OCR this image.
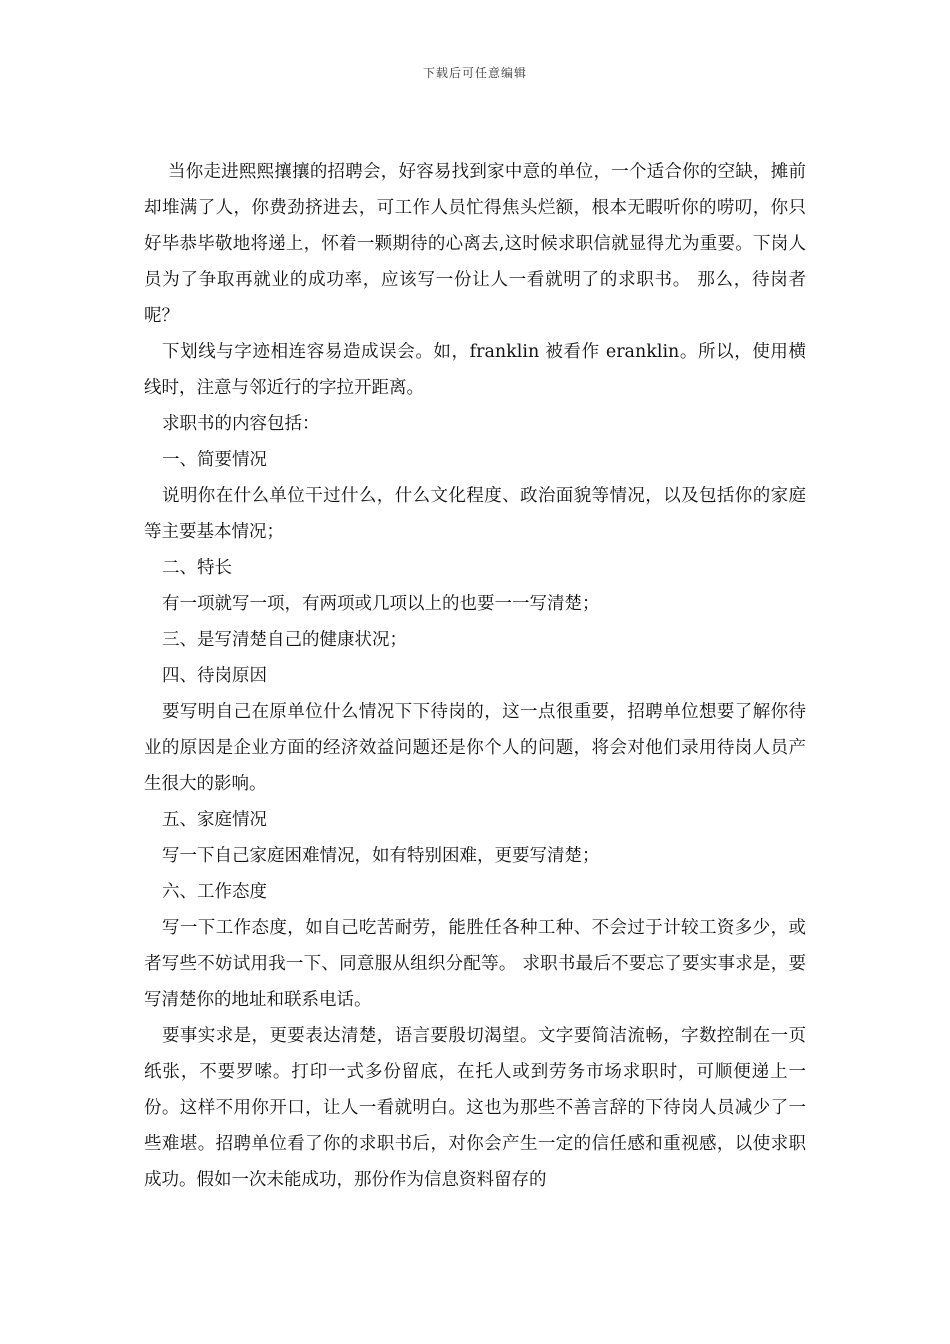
下载后可任意编辑

当你走进熙熙攘攘的招聘会，好容易找到家中意的单位，一个适合你的空缺，摊前却堆满了人，你费劲挤进去，可工作人员忙得焦头烂额，根本无暇听你的唠叨，你只好毕恭毕敬地将递上，怀着一颗期待的心离去,这时候求职信就显得尤为重要。下岗人员为了争取再就业的成功率，应该写一份让人一看就明了的求职书。 那么，待岗者呢？

下划线与字迹相连容易造成误会。如，franklin 被看作 eranklin。所以，使用横线时，注意与邻近行的字拉开距离。

求职书的内容包括：

一、简要情况

说明你在什么单位干过什么，什么文化程度、政治面貌等情况，以及包括你的家庭等主要基本情况；

二、特长

有一项就写一项，有两项或几项以上的也要一一写清楚；

三、是写清楚自己的健康状况；

四、待岗原因

要写明自己在原单位什么情况下下待岗的，这一点很重要，招聘单位想要了解你待业的原因是企业方面的经济效益问题还是你个人的问题，将会对他们录用待岗人员产生很大的影响。

五、家庭情况

写一下自己家庭困难情况，如有特别困难，更要写清楚；

六、工作态度

写一下工作态度，如自己吃苦耐劳，能胜任各种工种、不会过于计较工资多少，或者写些不妨试用我一下、同意服从组织分配等。 求职书最后不要忘了要实事求是，要写清楚你的地址和联系电话。

要事实求是，更要表达清楚，语言要殷切渴望。文字要简洁流畅，字数控制在一页纸张，不要罗嗦。打印一式多份留底，在托人或到劳务市场求职时，可顺便递上一份。这样不用你开口，让人一看就明白。这也为那些不善言辞的下待岗人员减少了一些难堪。招聘单位看了你的求职书后，对你会产生一定的信任感和重视感，以使求职成功。假如一次未能成功，那份作为信息资料留存的
